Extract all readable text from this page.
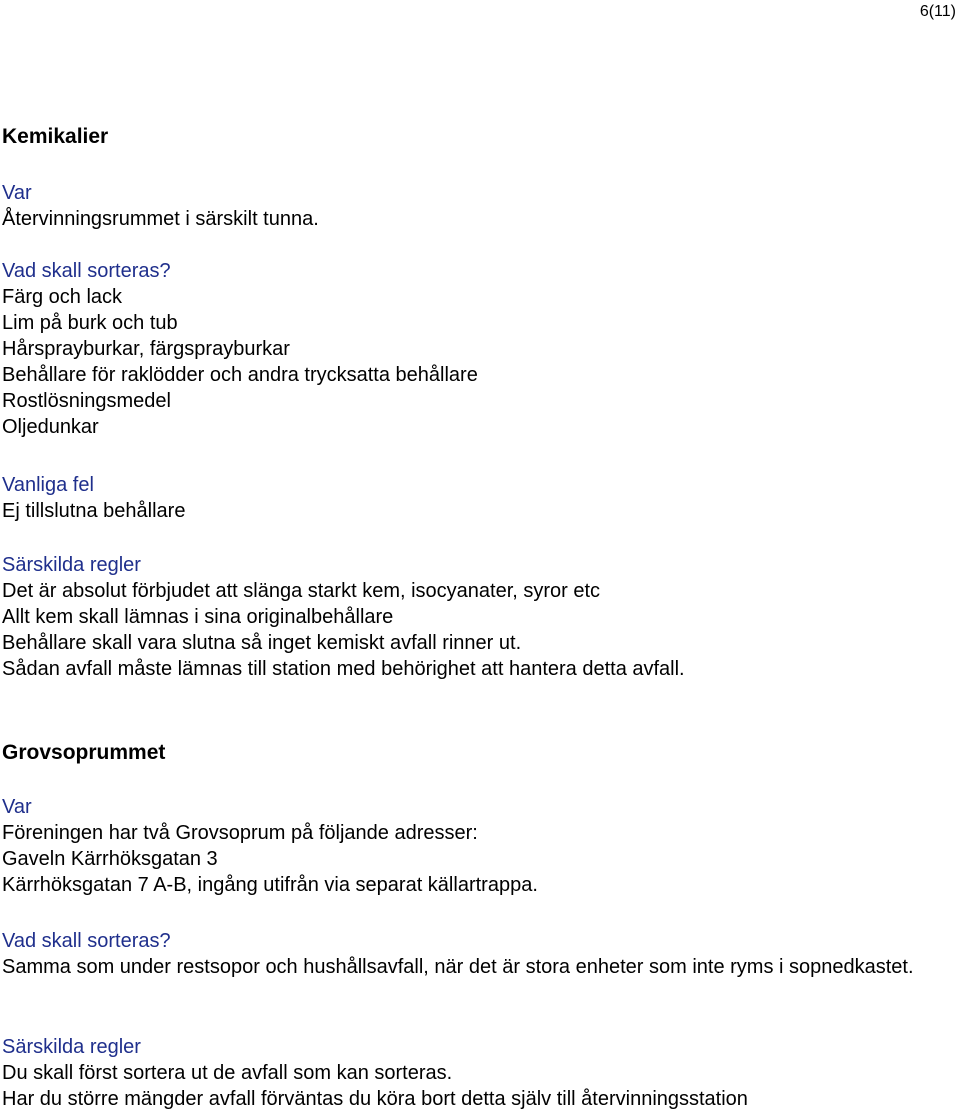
6(11)
Kemikalier
Var
Återvinningsrummet i särskilt tunna.
Vad skall sorteras?
Färg och lack
Lim på burk och tub
Hårsprayburkar, färgsprayburkar
Behållare för raklödder och andra trycksatta behållare
Rostlösningsmedel
Oljedunkar
Vanliga fel
Ej tillslutna behållare
Särskilda regler
Det är absolut förbjudet att slänga starkt kem, isocyanater, syror etc
Allt kem skall lämnas i sina originalbehållare
Behållare skall vara slutna så inget kemiskt avfall rinner ut.
Sådan avfall måste lämnas till station med behörighet att hantera detta avfall.
Grovsoprummet
Var
Föreningen har två Grovsoprum på följande adresser:
Gaveln Kärrhöksgatan 3
Kärrhöksgatan 7 A-B, ingång utifrån via separat källartrappa.
Vad skall sorteras?
Samma som under restsopor och hushållsavfall, när det är stora enheter som inte ryms i sopnedkastet.
Särskilda regler
Du skall först sortera ut de avfall som kan sorteras.
Har du större mängder avfall förväntas du köra bort detta själv till återvinningsstation
